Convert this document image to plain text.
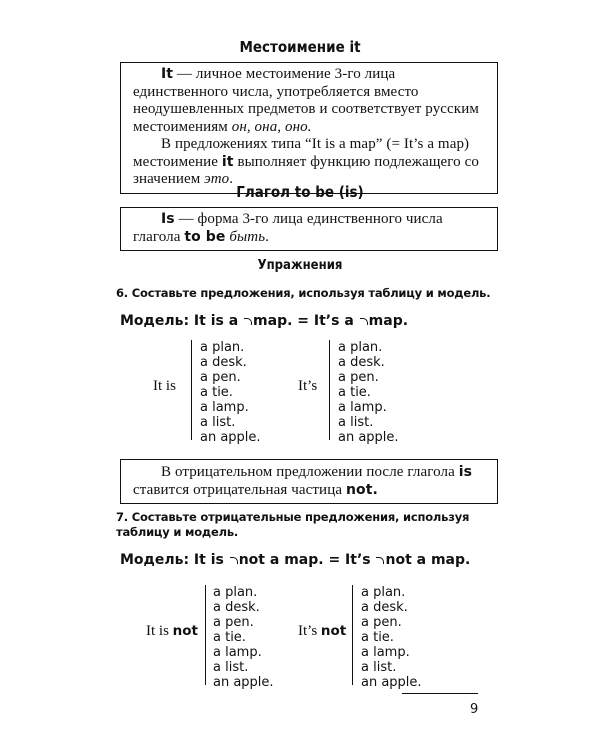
Местоимение it

It — личное местоимение 3-го лица единственного числа, употребляется вместо неодушевленных предметов и соответствует русским местоимениям он, она, оно.

В предложениях типа “It is a map” (= It’s a map) местоимение it выполняет функцию подлежащего со значением это.

Глагол to be (is)

Is — форма 3-го лица единственного числа глагола to be быть.

Упражнения
6. Составьте предложения, используя таблицу и модель.
Модель: It is a map. = It’s a map.
It is
a plan.
a desk.
a pen.
a tie.
a lamp.
a list.
an apple.
It’s
a plan.
a desk.
a pen.
a tie.
a lamp.
a list.
an apple.

В отрицательном предложении после глагола is ставится отрицательная частица not.

7. Составьте отрицательные предложения, используя таблицу и модель.
Модель: It is not a map. = It’s not a map.
It is not
a plan.
a desk.
a pen.
a tie.
a lamp.
a list.
an apple.
It’s not
a plan.
a desk.
a pen.
a tie.
a lamp.
a list.
an apple.
9
